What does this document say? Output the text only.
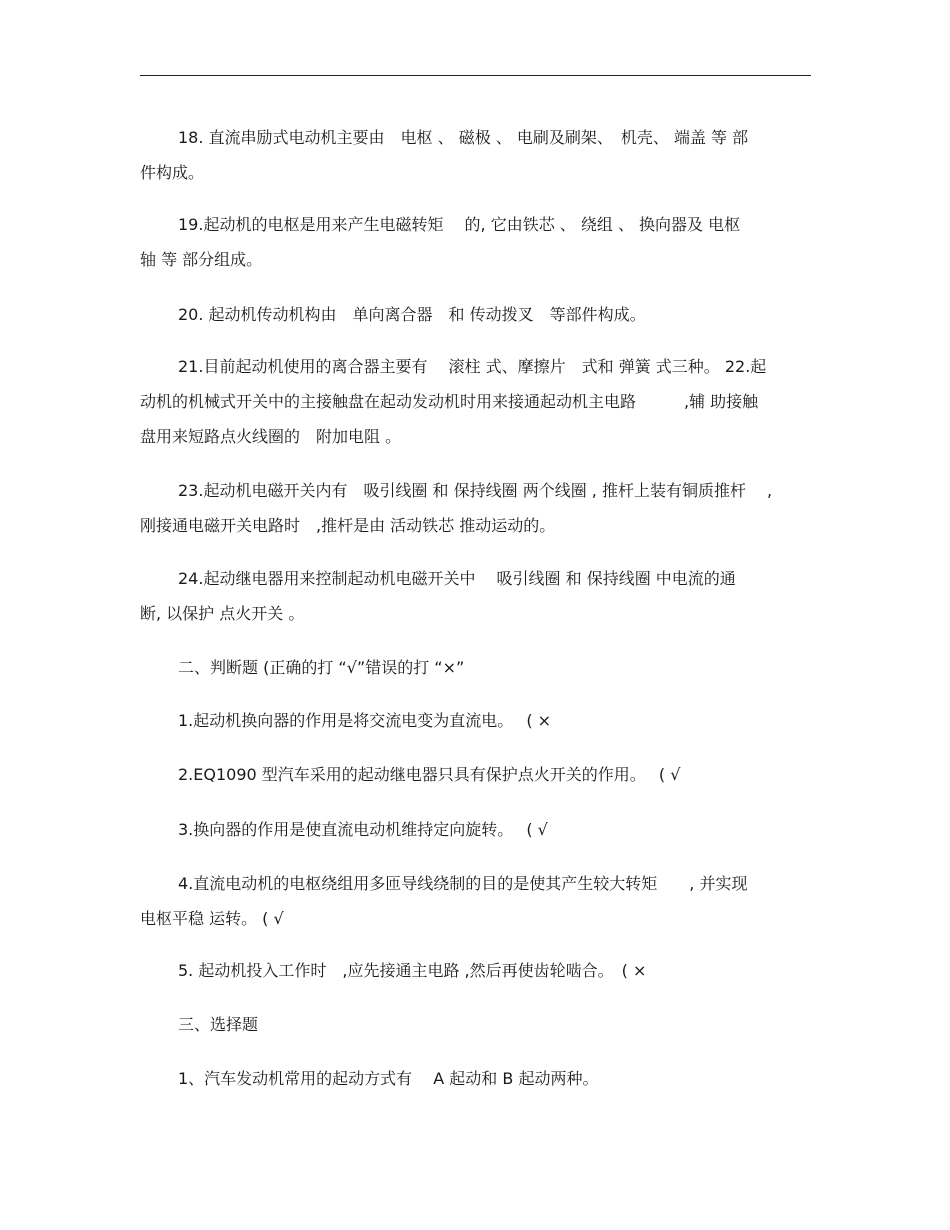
18. 直流串励式电动机主要由　电枢 、 磁极 、 电刷及刷架、　机壳、 端盖 等 部
件构成。

19.起动机的电枢是用来产生电磁转矩　 的, 它由铁芯 、 绕组 、 换向器及 电枢
轴 等 部分组成。

20. 起动机传动机构由　单向离合器　和 传动拨叉　等部件构成。

21.目前起动机使用的离合器主要有　 滚柱 式、摩擦片　式和 弹簧 式三种。 22.起
动机的机械式开关中的主接触盘在起动发动机时用来接通起动机主电路　　　,辅 助接触
盘用来短路点火线圈的　附加电阻 。

23.起动机电磁开关内有　吸引线圈 和 保持线圈 两个线圈 , 推杆上装有铜质推杆　 ,
刚接通电磁开关电路时　,推杆是由 活动铁芯 推动运动的。

24.起动继电器用来控制起动机电磁开关中　 吸引线圈 和 保持线圈 中电流的通
断, 以保护 点火开关 。

二、判断题 (正确的打 “√”错误的打 “×”

1.起动机换向器的作用是将交流电变为直流电。　 ( ×

2.EQ1090 型汽车采用的起动继电器只具有保护点火开关的作用。　 ( √

3.换向器的作用是使直流电动机维持定向旋转。　 ( √

4.直流电动机的电枢绕组用多匝导线绕制的目的是使其产生较大转矩　　, 并实现
电枢平稳 运转。 ( √

5. 起动机投入工作时　,应先接通主电路 ,然后再使齿轮啮合。　( ×

三、选择题

1、汽车发动机常用的起动方式有　 A 起动和 B 起动两种。
